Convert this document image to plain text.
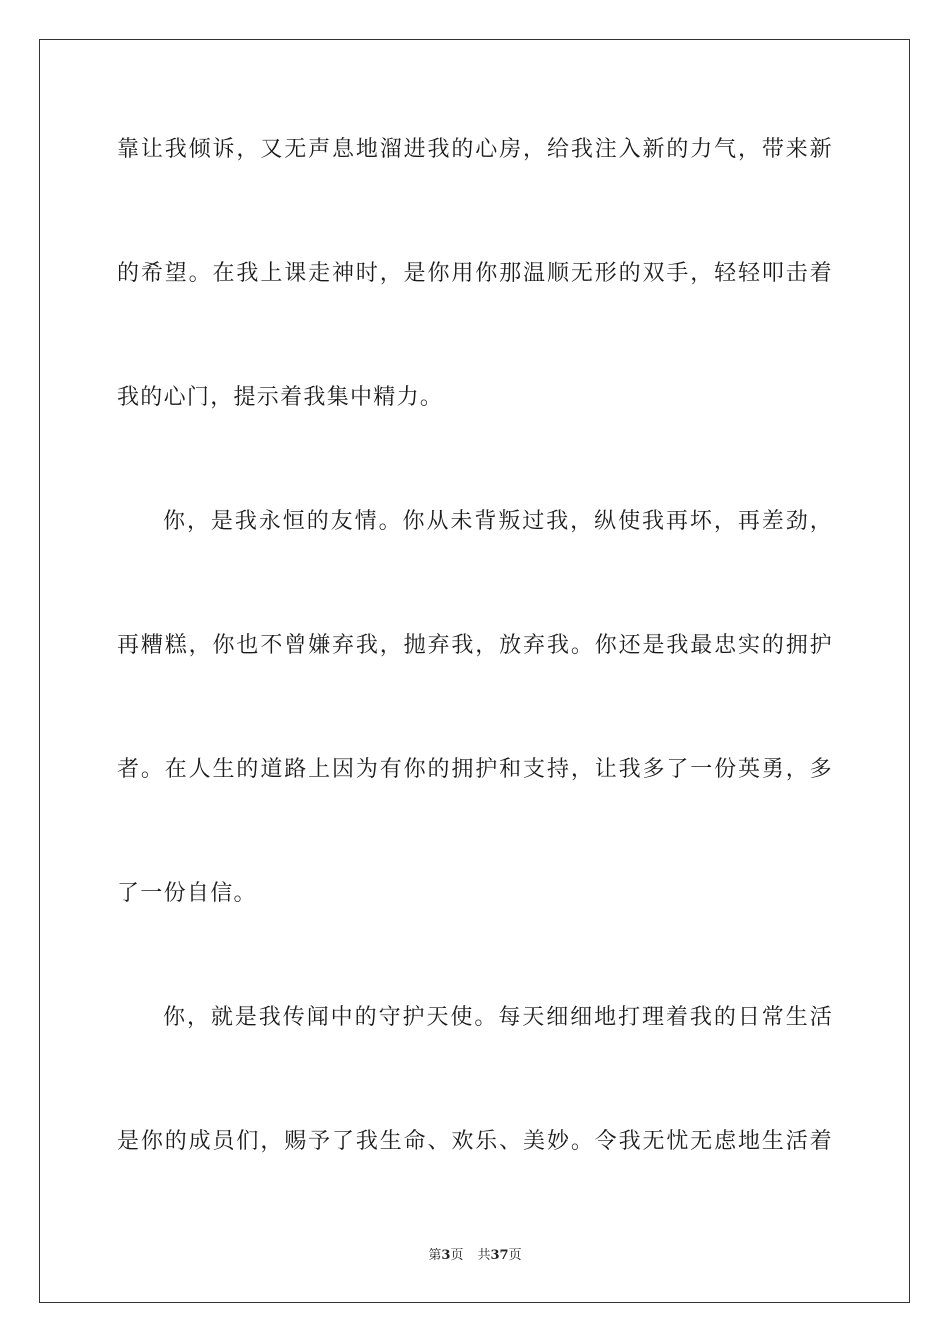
靠让我倾诉，又无声息地溜进我的心房，给我注入新的力气，带来新
的希望。在我上课走神时，是你用你那温顺无形的双手，轻轻叩击着
我的心门，提示着我集中精力。
你，是我永恒的友情。你从未背叛过我，纵使我再坏，再差劲，
再糟糕，你也不曾嫌弃我，抛弃我，放弃我。你还是我最忠实的拥护
者。在人生的道路上因为有你的拥护和支持，让我多了一份英勇，多
了一份自信。
你，就是我传闻中的守护天使。每天细细地打理着我的日常生活
是你的成员们，赐予了我生命、欢乐、美妙。令我无忧无虑地生活着
第3页 共37页
